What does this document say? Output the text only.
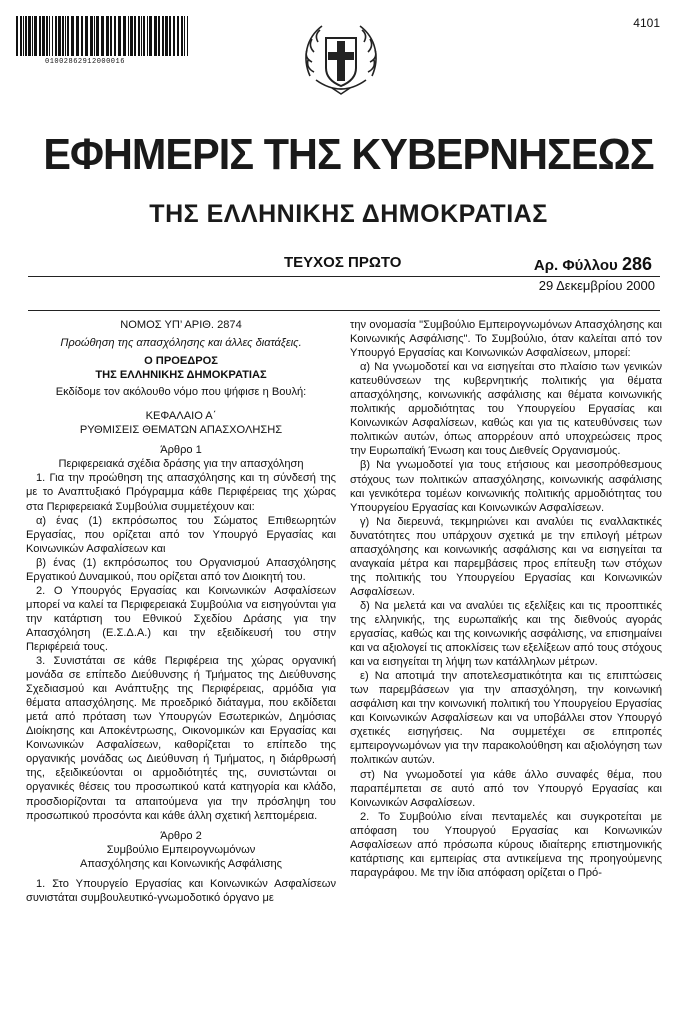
01002862912000016
4101
ΕΦΗΜΕΡΙΣ ΤΗΣ ΚΥΒΕΡΝΗΣΕΩΣ
ΤΗΣ ΕΛΛΗΝΙΚΗΣ ΔΗΜΟΚΡΑΤΙΑΣ
ΤΕΥΧΟΣ ΠΡΩΤΟ	Αρ. Φύλλου 286
29 Δεκεμβρίου 2000

ΝΟΜΟΣ ΥΠ’ ΑΡΙΘ. 2874

Προώθηση της απασχόλησης και άλλες διατάξεις.

Ο ΠΡΟΕΔΡΟΣ

ΤΗΣ ΕΛΛΗΝΙΚΗΣ ΔΗΜΟΚΡΑΤΙΑΣ

Εκδίδομε τον ακόλουθο νόμο που ψήφισε η Βουλή:

ΚΕΦΑΛΑΙΟ Α΄

ΡΥΘΜΙΣΕΙΣ ΘΕΜΑΤΩΝ ΑΠΑΣΧΟΛΗΣΗΣ

Άρθρο 1

Περιφερειακά σχέδια δράσης για την απασχόληση

1. Για την προώθηση της απασχόλησης και τη σύνδεσή της με το Αναπτυξιακό Πρόγραμμα κάθε Περιφέρειας της χώρας στα Περιφερειακά Συμβούλια συμμετέχουν και:

α) ένας (1) εκπρόσωπος του Σώματος Επιθεωρητών Εργασίας, που ορίζεται από τον Υπουργό Εργασίας και Κοινωνικών Ασφαλίσεων και

β) ένας (1) εκπρόσωπος του Οργανισμού Απασχόλησης Εργατικού Δυναμικού, που ορίζεται από τον Διοικητή του.

2. Ο Υπουργός Εργασίας και Κοινωνικών Ασφαλίσεων μπορεί να καλεί τα Περιφερειακά Συμβούλια να εισηγούνται για την κατάρτιση του Εθνικού Σχεδίου Δράσης για την Απασχόληση (Ε.Σ.Δ.Α.) και την εξειδίκευσή του στην Περιφέρειά τους.

3. Συνιστάται σε κάθε Περιφέρεια της χώρας οργανική μονάδα σε επίπεδο Διεύθυνσης ή Τμήματος της Διεύθυνσης Σχεδιασμού και Ανάπτυξης της Περιφέρειας, αρμόδια για θέματα απασχόλησης. Με προεδρικό διάταγμα, που εκδίδεται μετά από πρόταση των Υπουργών Εσωτερικών, Δημόσιας Διοίκησης και Αποκέντρωσης, Οικονομικών και Εργασίας και Κοινωνικών Ασφαλίσεων, καθορίζεται το επίπεδο της οργανικής μονάδας ως Διεύθυνση ή Τμήματος, η διάρθρωσή της, εξειδικεύονται οι αρμοδιότητές της, συνιστώνται οι οργανικές θέσεις του προσωπικού κατά κατηγορία και κλάδο, προσδιορίζονται τα απαιτούμενα για την πρόσληψη του προσωπικού προσόντα και κάθε άλλη σχετική λεπτομέρεια.

Άρθρο 2

Συμβούλιο Εμπειρογνωμόνων

Απασχόλησης και Κοινωνικής Ασφάλισης

1. Στο Υπουργείο Εργασίας και Κοινωνικών Ασφαλίσεων συνιστάται συμβουλευτικό-γνωμοδοτικό όργανο με

την ονομασία "Συμβούλιο Εμπειρογνωμόνων Απασχόλησης και Κοινωνικής Ασφάλισης". Το Συμβούλιο, όταν καλείται από τον Υπουργό Εργασίας και Κοινωνικών Ασφαλίσεων, μπορεί:

α) Να γνωμοδοτεί και να εισηγείται στο πλαίσιο των γενικών κατευθύνσεων της κυβερνητικής πολιτικής για θέματα απασχόλησης, κοινωνικής ασφάλισης και θέματα κοινωνικής πολιτικής αρμοδιότητας του Υπουργείου Εργασίας και Κοινωνικών Ασφαλίσεων, καθώς και για τις κατευθύνσεις των πολιτικών αυτών, όπως απορρέουν από υποχρεώσεις προς την Ευρωπαϊκή Ένωση και τους Διεθνείς Οργανισμούς.

β) Να γνωμοδοτεί για τους ετήσιους και μεσοπρόθεσμους στόχους των πολιτικών απασχόλησης, κοινωνικής ασφάλισης και γενικότερα τομέων κοινωνικής πολιτικής αρμοδιότητας του Υπουργείου Εργασίας και Κοινωνικών Ασφαλίσεων.

γ) Να διερευνά, τεκμηριώνει και αναλύει τις εναλλακτικές δυνατότητες που υπάρχουν σχετικά με την επιλογή μέτρων απασχόλησης και κοινωνικής ασφάλισης και να εισηγείται τα αναγκαία μέτρα και παρεμβάσεις προς επίτευξη των στόχων της πολιτικής του Υπουργείου Εργασίας και Κοινωνικών Ασφαλίσεων.

δ) Να μελετά και να αναλύει τις εξελίξεις και τις προοπτικές της ελληνικής, της ευρωπαϊκής και της διεθνούς αγοράς εργασίας, καθώς και της κοινωνικής ασφάλισης, να επισημαίνει και να αξιολογεί τις αποκλίσεις των εξελίξεων από τους στόχους και να εισηγείται τη λήψη των κατάλληλων μέτρων.

ε) Να αποτιμά την αποτελεσματικότητα και τις επιπτώσεις των παρεμβάσεων για την απασχόληση, την κοινωνική ασφάλιση και την κοινωνική πολιτική του Υπουργείου Εργασίας και Κοινωνικών Ασφαλίσεων και να υποβάλλει στον Υπουργό σχετικές εισηγήσεις. Να συμμετέχει σε επιτροπές εμπειρογνωμόνων για την παρακολούθηση και αξιολόγηση των πολιτικών αυτών.

στ) Να γνωμοδοτεί για κάθε άλλο συναφές θέμα, που παραπέμπεται σε αυτό από τον Υπουργό Εργασίας και Κοινωνικών Ασφαλίσεων.

2. Το Συμβούλιο είναι πενταμελές και συγκροτείται με απόφαση του Υπουργού Εργασίας και Κοινωνικών Ασφαλίσεων από πρόσωπα κύρους ιδιαίτερης επιστημονικής κατάρτισης και εμπειρίας στα αντικείμενα της προηγούμενης παραγράφου. Με την ίδια απόφαση ορίζεται ο Πρό-
